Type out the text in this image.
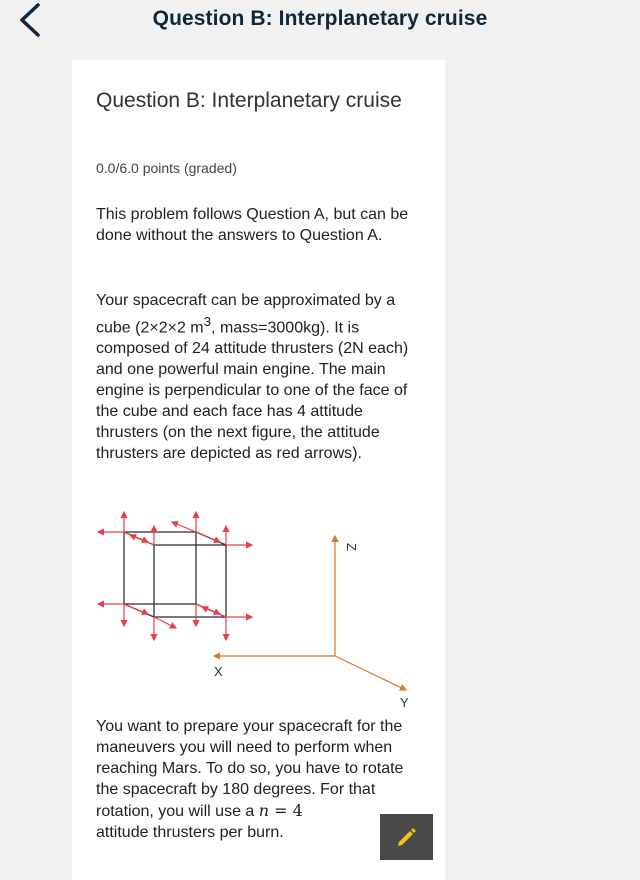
Question B: Interplanetary cruise
Question B: Interplanetary cruise
0.0/6.0 points (graded)
This problem follows Question A, but can be done without the answers to Question A.
Your spacecraft can be approximated by a cube (2×2×2 $m^3$, mass=3000kg). It is composed of 24 attitude thrusters (2N each) and one powerful main engine. The main engine is perpendicular to one of the face of the cube and each face has 4 attitude thrusters (on the next figure, the attitude thrusters are depicted as red arrows).
X
Y
Z
You want to prepare your spacecraft for the maneuvers you will need to perform when reaching Mars. To do so, you have to rotate the spacecraft by 180 degrees. For that rotation, you will use a n = 4
attitude thrusters per burn.
